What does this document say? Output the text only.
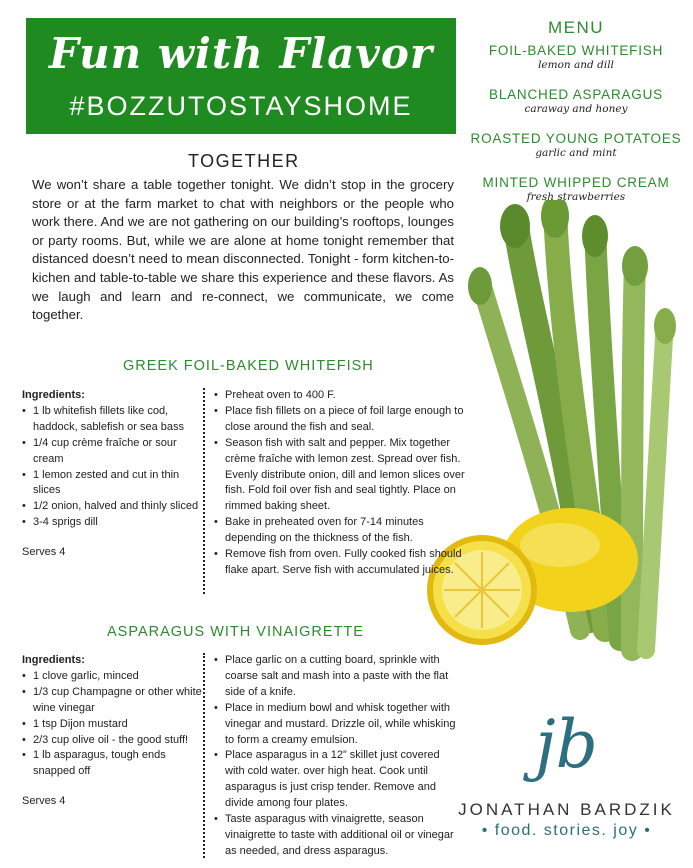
Fun with Flavor
#BOZZUTOSTAYSHOME
MENU
FOIL-BAKED WHITEFISH
lemon and dill
BLANCHED ASPARAGUS
caraway and honey
ROASTED YOUNG POTATOES
garlic and mint
MINTED WHIPPED CREAM
fresh strawberries
TOGETHER
We won’t share a table together tonight. We didn’t stop in the grocery store or at the farm market to chat with neighbors or the people who work there. And we are not gathering on our building’s rooftops, lounges or party rooms. But, while we are alone at home tonight remember that distanced doesn’t need to mean disconnected. Tonight - form kitchen-to-kichen and table-to-table we share this experience and these flavors. As we laugh and learn and re-connect, we communicate, we come together.
GREEK FOIL-BAKED WHITEFISH
Ingredients:
• 1 lb whitefish fillets like cod, haddock, sablefish or sea bass
• 1/4 cup crème fraîche or sour cream
• 1 lemon zested and cut in thin slices
• 1/2 onion, halved and thinly sliced
• 3-4 sprigs dill
Serves 4
• Preheat oven to 400 F.
• Place fish fillets on a piece of foil large enough to close around the fish and seal.
• Season fish with salt and pepper. Mix together crème fraîche with lemon zest. Spread over fish. Evenly distribute onion, dill and lemon slices over fish. Fold foil over fish and seal tightly. Place on rimmed baking sheet.
• Bake in preheated oven for 7-14 minutes depending on the thickness of the fish.
• Remove fish from oven. Fully cooked fish should flake apart. Serve fish with accumulated juices.
ASPARAGUS WITH VINAIGRETTE
Ingredients:
• 1 clove garlic, minced
• 1/3 cup Champagne or other white wine vinegar
• 1 tsp Dijon mustard
• 2/3 cup olive oil - the good stuff!
• 1 lb asparagus, tough ends snapped off
Serves 4
• Place garlic on a cutting board, sprinkle with coarse salt and mash into a paste with the flat side of a knife.
• Place in medium bowl and whisk together with vinegar and mustard. Drizzle oil, while whisking to form a creamy emulsion.
• Place asparagus in a 12” skillet just covered with cold water. over high heat. Cook until asparagus is just crisp tender. Remove and divide among four plates.
• Taste asparagus with vinaigrette, season vinaigrette to taste with additional oil or vinegar as needed, and dress asparagus.
jb
JONATHAN BARDZIK
• food. stories. joy •
